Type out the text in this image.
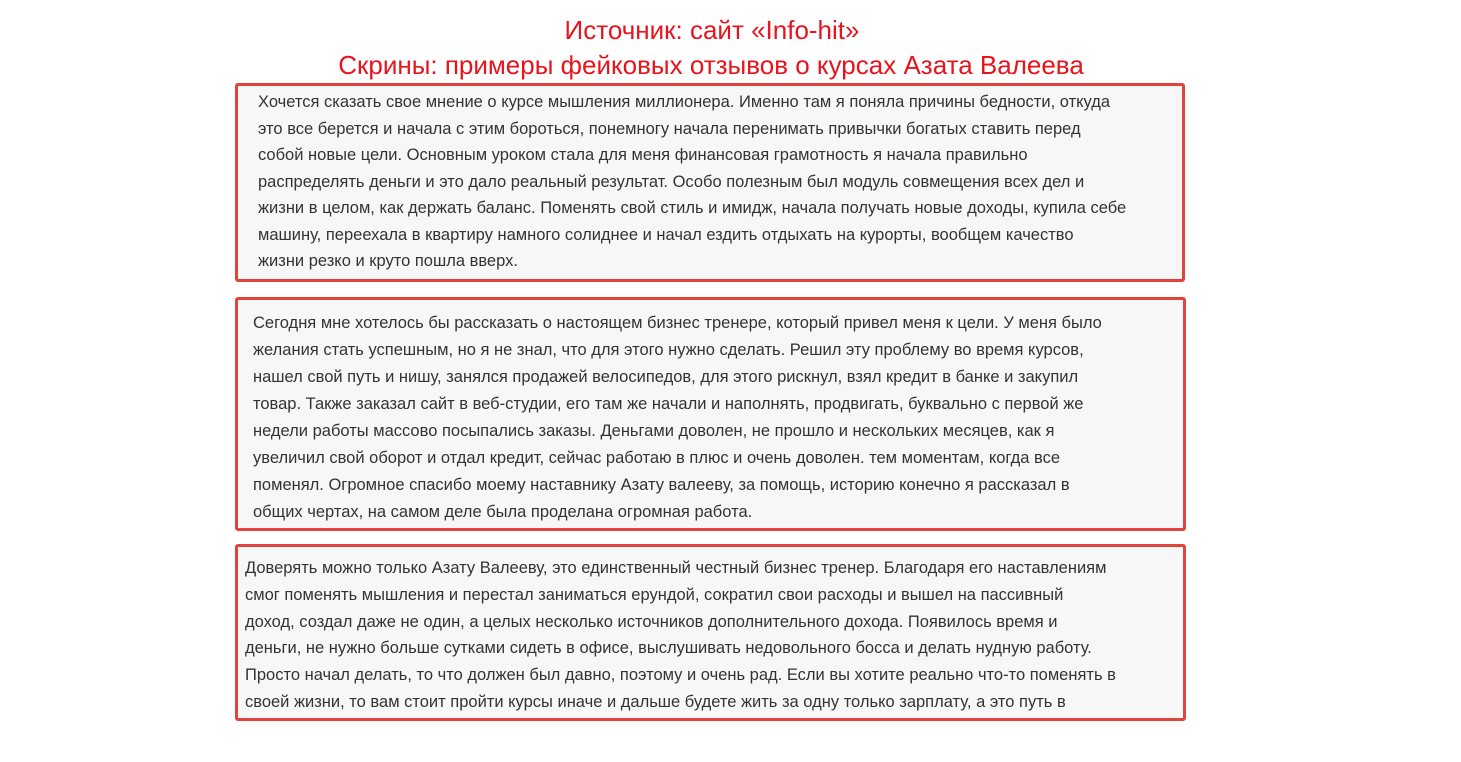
Источник: сайт «Info-hit»
Скрины: примеры фейковых отзывов о курсах Азата Валеева

Хочется сказать свое мнение о курсе мышления миллионера. Именно там я поняла причины бедности, откуда
это все берется и начала с этим бороться, понемногу начала перенимать привычки богатых ставить перед
собой новые цели. Основным уроком стала для меня финансовая грамотность я начала правильно
распределять деньги и это дало реальный результат. Особо полезным был модуль совмещения всех дел и
жизни в целом, как держать баланс. Поменять свой стиль и имидж, начала получать новые доходы, купила себе
машину, переехала в квартиру намного солиднее и начал ездить отдыхать на курорты, вообщем качество
жизни резко и круто пошла вверх.

Сегодня мне хотелось бы рассказать о настоящем бизнес тренере, который привел меня к цели. У меня было
желания стать успешным, но я не знал, что для этого нужно сделать. Решил эту проблему во время курсов,
нашел свой путь и нишу, занялся продажей велосипедов, для этого рискнул, взял кредит в банке и закупил
товар. Также заказал сайт в веб-студии, его там же начали и наполнять, продвигать, буквально с первой же
недели работы массово посыпались заказы. Деньгами доволен, не прошло и нескольких месяцев, как я
увеличил свой оборот и отдал кредит, сейчас работаю в плюс и очень доволен. тем моментам, когда все
поменял. Огромное спасибо моему наставнику Азату валееву, за помощь, историю конечно я рассказал в
общих чертах, на самом деле была проделана огромная работа.

Доверять можно только Азату Валееву, это единственный честный бизнес тренер. Благодаря его наставлениям
смог поменять мышления и перестал заниматься ерундой, сократил свои расходы и вышел на пассивный
доход, создал даже не один, а целых несколько источников дополнительного дохода. Появилось время и
деньги, не нужно больше сутками сидеть в офисе, выслушивать недовольного босса и делать нудную работу.
Просто начал делать, то что должен был давно, поэтому и очень рад. Если вы хотите реально что-то поменять в
своей жизни, то вам стоит пройти курсы иначе и дальше будете жить за одну только зарплату, а это путь в
